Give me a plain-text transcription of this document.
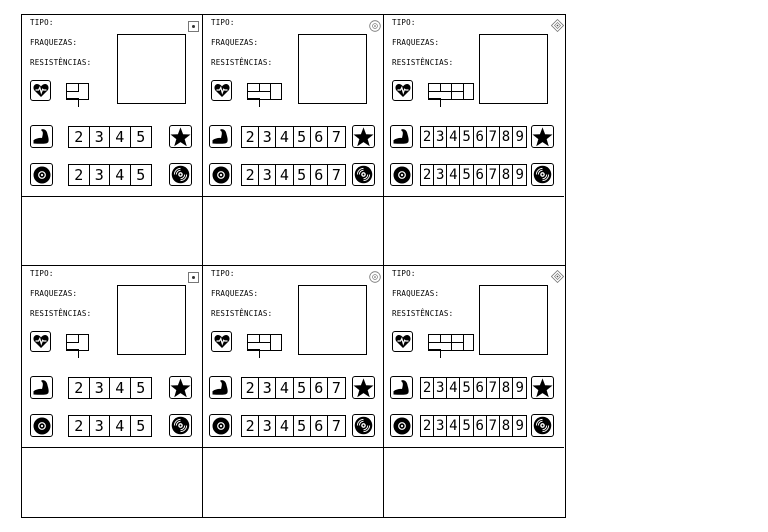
TIPO:
FRAQUEZAS:
RESISTÊNCIAS:
2 3 4 5
2 3 4 5
TIPO:
FRAQUEZAS:
RESISTÊNCIAS:
2 3 4 5 6 7
2 3 4 5 6 7
TIPO:
FRAQUEZAS:
RESISTÊNCIAS:
2 3 4 5 6 7 8 9
2 3 4 5 6 7 8 9
TIPO:
FRAQUEZAS:
RESISTÊNCIAS:
2 3 4 5
2 3 4 5
TIPO:
FRAQUEZAS:
RESISTÊNCIAS:
2 3 4 5 6 7
2 3 4 5 6 7
TIPO:
FRAQUEZAS:
RESISTÊNCIAS:
2 3 4 5 6 7 8 9
2 3 4 5 6 7 8 9
